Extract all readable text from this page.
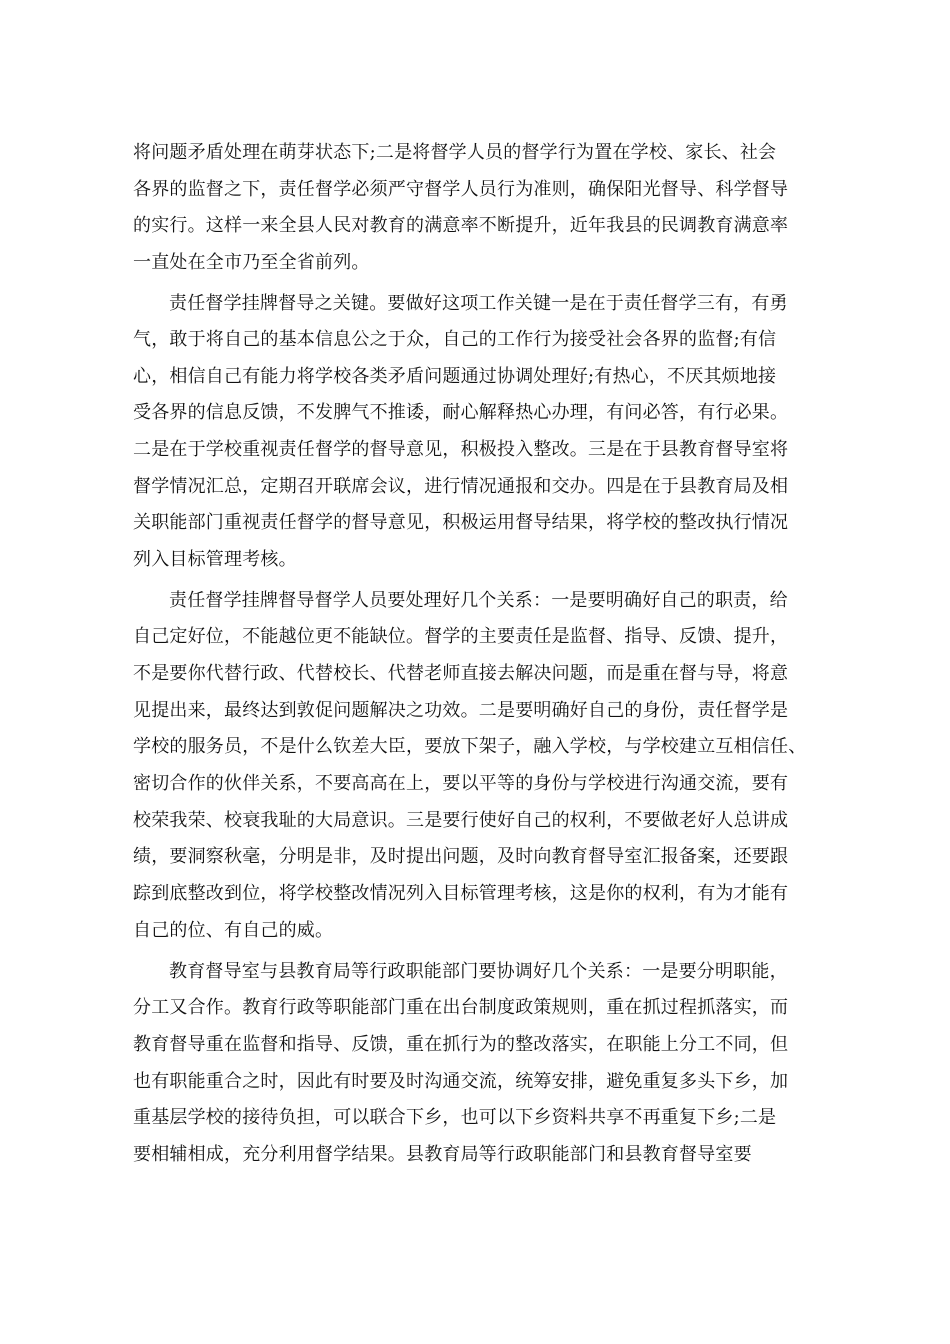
将问题矛盾处理在萌芽状态下;二是将督学人员的督学行为置在学校、家长、社会
各界的监督之下，责任督学必须严守督学人员行为准则，确保阳光督导、科学督导
的实行。这样一来全县人民对教育的满意率不断提升，近年我县的民调教育满意率
一直处在全市乃至全省前列。
责任督学挂牌督导之关键。要做好这项工作关键一是在于责任督学三有，有勇
气，敢于将自己的基本信息公之于众，自己的工作行为接受社会各界的监督;有信
心，相信自己有能力将学校各类矛盾问题通过协调处理好;有热心，不厌其烦地接
受各界的信息反馈，不发脾气不推诿，耐心解释热心办理，有问必答，有行必果。
二是在于学校重视责任督学的督导意见，积极投入整改。三是在于县教育督导室将
督学情况汇总，定期召开联席会议，进行情况通报和交办。四是在于县教育局及相
关职能部门重视责任督学的督导意见，积极运用督导结果，将学校的整改执行情况
列入目标管理考核。
责任督学挂牌督导督学人员要处理好几个关系：一是要明确好自己的职责，给
自己定好位，不能越位更不能缺位。督学的主要责任是监督、指导、反馈、提升，
不是要你代替行政、代替校长、代替老师直接去解决问题，而是重在督与导，将意
见提出来，最终达到敦促问题解决之功效。二是要明确好自己的身份，责任督学是
学校的服务员，不是什么钦差大臣，要放下架子，融入学校，与学校建立互相信任、
密切合作的伙伴关系，不要高高在上，要以平等的身份与学校进行沟通交流，要有
校荣我荣、校衰我耻的大局意识。三是要行使好自己的权利，不要做老好人总讲成
绩，要洞察秋毫，分明是非，及时提出问题，及时向教育督导室汇报备案，还要跟
踪到底整改到位，将学校整改情况列入目标管理考核，这是你的权利，有为才能有
自己的位、有自己的威。
教育督导室与县教育局等行政职能部门要协调好几个关系：一是要分明职能，
分工又合作。教育行政等职能部门重在出台制度政策规则，重在抓过程抓落实，而
教育督导重在监督和指导、反馈，重在抓行为的整改落实，在职能上分工不同，但
也有职能重合之时，因此有时要及时沟通交流，统筹安排，避免重复多头下乡，加
重基层学校的接待负担，可以联合下乡，也可以下乡资料共享不再重复下乡;二是
要相辅相成，充分利用督学结果。县教育局等行政职能部门和县教育督导室要
